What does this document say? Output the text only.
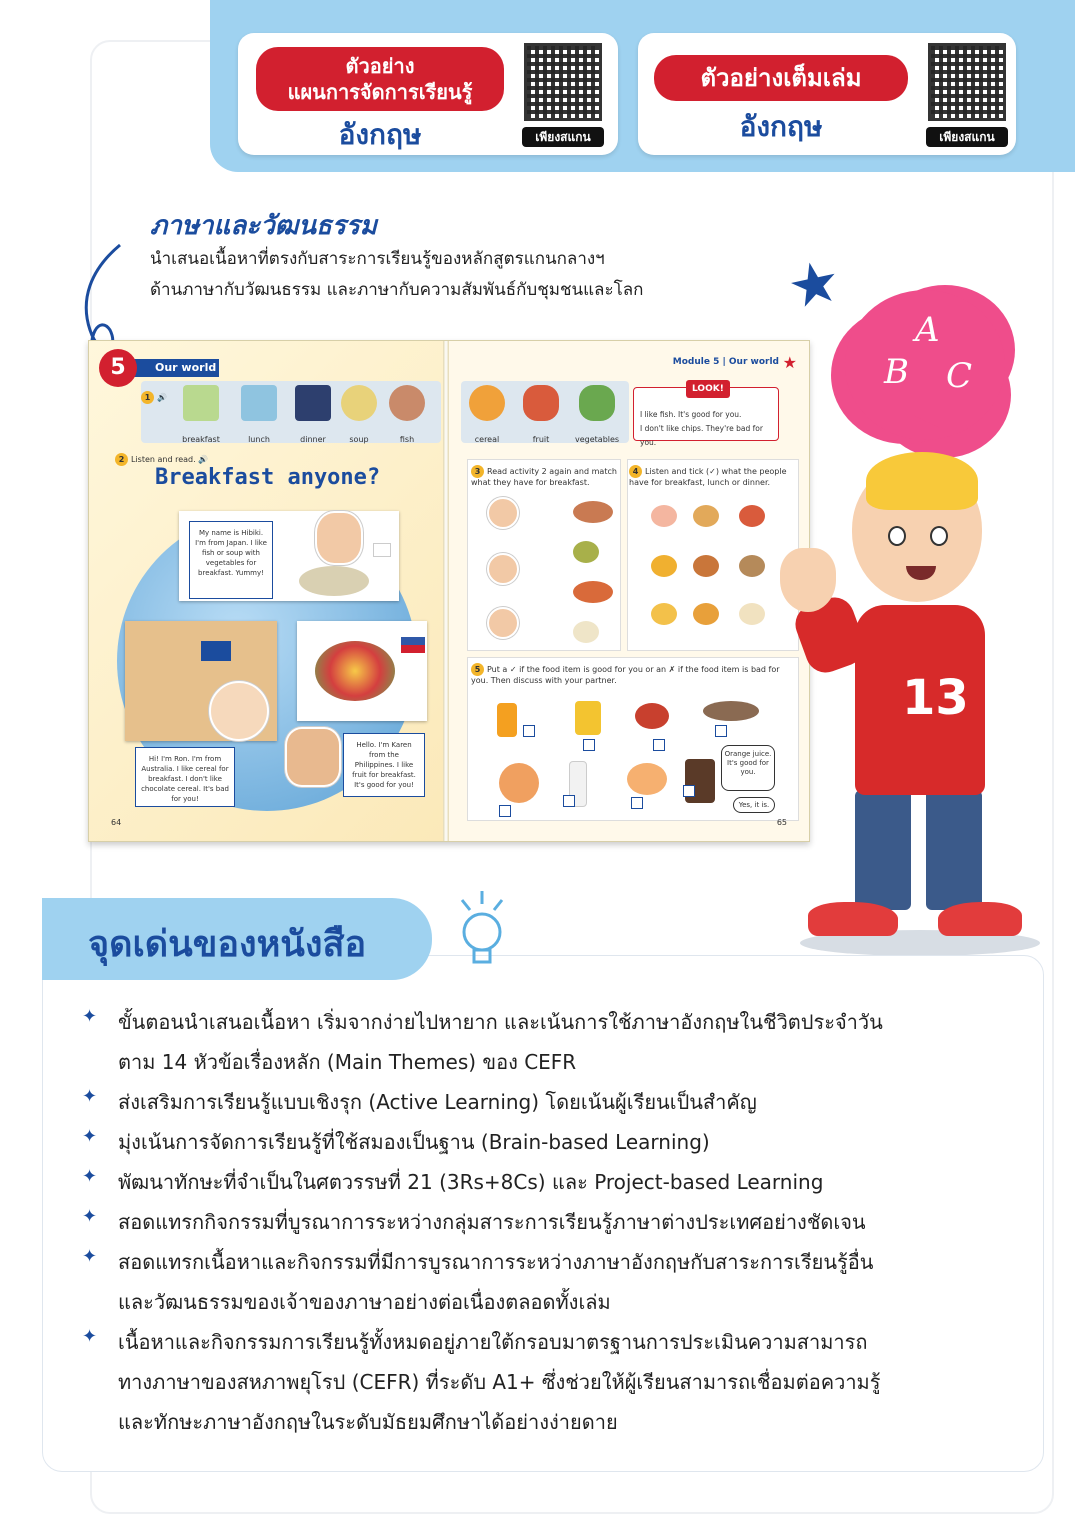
ตัวอย่าง
แผนการจัดการเรียนรู้
อังกฤษ	เพียงสแกน
ตัวอย่างเต็มเล่ม
อังกฤษ	เพียงสแกน
ภาษาและวัฒนธรรม
นำเสนอเนื้อหาที่ตรงกับสาระการเรียนรู้ของหลักสูตรแกนกลางฯ
ด้านภาษากับวัฒนธรรม และภาษากับความสัมพันธ์กับชุมชนและโลก ★
Our world
5	Module 5 | Our world ★
breakfast	lunch	dinner	soup	fish	cereal	fruit	vegetables
1 🔊
LOOK!
I like fish. It's good for you.
I don't like chips. They're bad for you.
2 Listen and read. 🔊
Breakfast anyone?
My name is Hibiki. I'm from Japan. I like fish or soup with vegetables for breakfast. Yummy!
Hi! I'm Ron. I'm from Australia. I like cereal for breakfast. I don't like chocolate cereal. It's bad for you!
Hello. I'm Karen from the Philippines. I like fruit for breakfast. It's good for you!
64
3 Read activity 2 again and match what they have for breakfast.
4 Listen and tick (✓) what the people have for breakfast, lunch or dinner.
5 Put a ✓ if the food item is good for you or an ✗ if the food item is bad for you. Then discuss with your partner.
Orange juice. It's good for you.
Yes, it is.
65
A
B C
13
จุดเด่นของหนังสือ
✦ ขั้นตอนนำเสนอเนื้อหา เริ่มจากง่ายไปหายาก และเน้นการใช้ภาษาอังกฤษในชีวิตประจำวัน
ตาม 14 หัวข้อเรื่องหลัก (Main Themes) ของ CEFR
✦ ส่งเสริมการเรียนรู้แบบเชิงรุก (Active Learning) โดยเน้นผู้เรียนเป็นสำคัญ
✦ มุ่งเน้นการจัดการเรียนรู้ที่ใช้สมองเป็นฐาน (Brain-based Learning)
✦ พัฒนาทักษะที่จำเป็นในศตวรรษที่ 21 (3Rs+8Cs) และ Project-based Learning
✦ สอดแทรกกิจกรรมที่บูรณาการระหว่างกลุ่มสาระการเรียนรู้ภาษาต่างประเทศอย่างชัดเจน
✦ สอดแทรกเนื้อหาและกิจกรรมที่มีการบูรณาการระหว่างภาษาอังกฤษกับสาระการเรียนรู้อื่น
และวัฒนธรรมของเจ้าของภาษาอย่างต่อเนื่องตลอดทั้งเล่ม
✦ เนื้อหาและกิจกรรมการเรียนรู้ทั้งหมดอยู่ภายใต้กรอบมาตรฐานการประเมินความสามารถ
ทางภาษาของสหภาพยุโรป (CEFR) ที่ระดับ A1+ ซึ่งช่วยให้ผู้เรียนสามารถเชื่อมต่อความรู้
และทักษะภาษาอังกฤษในระดับมัธยมศึกษาได้อย่างง่ายดาย
